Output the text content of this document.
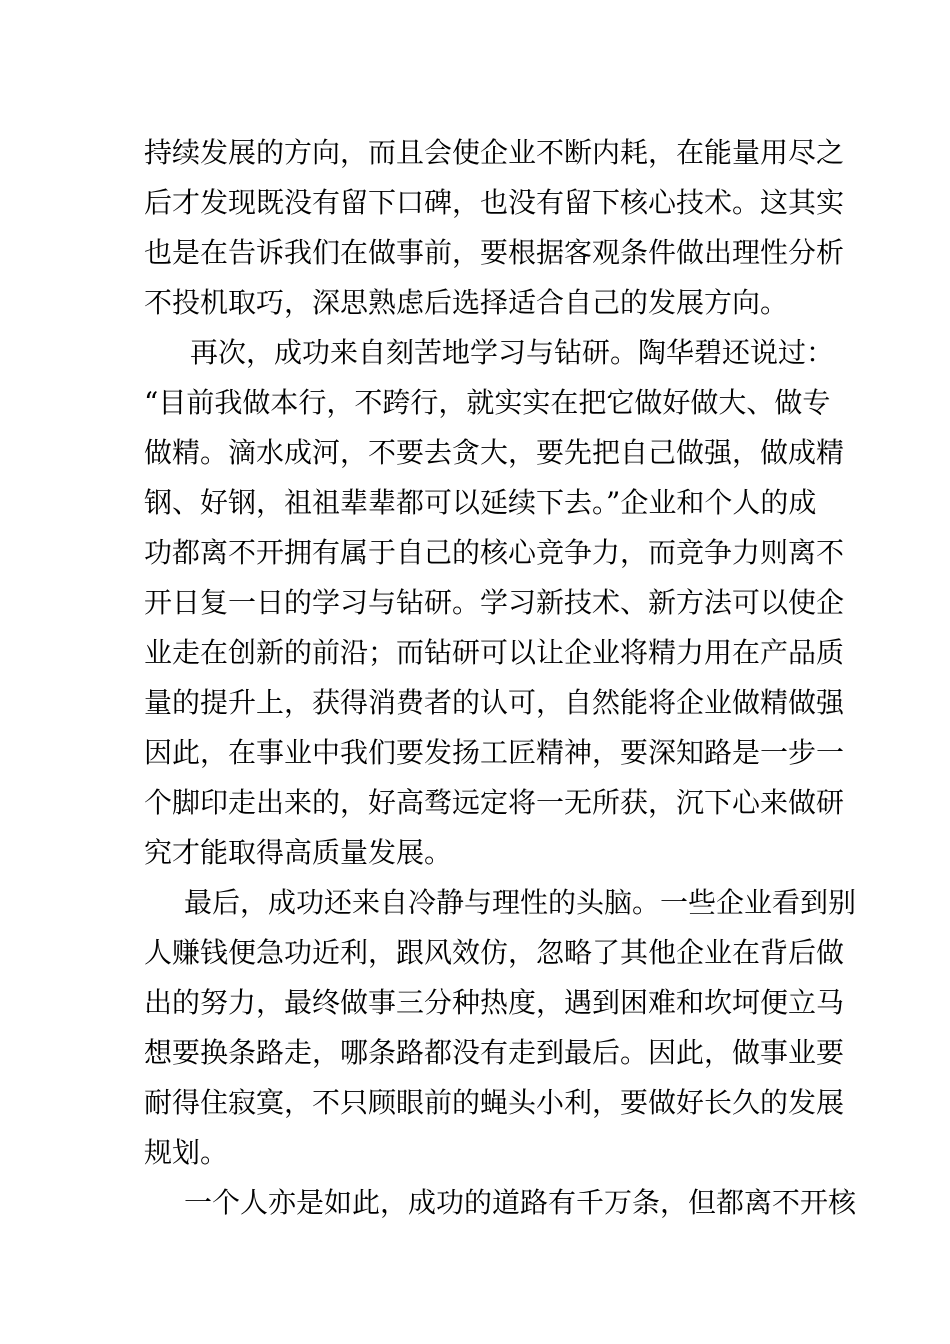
持续发展的方向，而且会使企业不断内耗，在能量用尽之
后才发现既没有留下口碑，也没有留下核心技术。这其实
也是在告诉我们在做事前，要根据客观条件做出理性分析
不投机取巧，深思熟虑后选择适合自己的发展方向。
再次，成功来自刻苦地学习与钻研。陶华碧还说过：
“目前我做本行，不跨行，就实实在把它做好做大、做专
做精。滴水成河，不要去贪大，要先把自己做强，做成精
钢、好钢，祖祖辈辈都可以延续下去。”企业和个人的成
功都离不开拥有属于自己的核心竞争力，而竞争力则离不
开日复一日的学习与钻研。学习新技术、新方法可以使企
业走在创新的前沿；而钻研可以让企业将精力用在产品质
量的提升上，获得消费者的认可，自然能将企业做精做强
因此，在事业中我们要发扬工匠精神，要深知路是一步一
个脚印走出来的，好高骛远定将一无所获，沉下心来做研
究才能取得高质量发展。
最后，成功还来自冷静与理性的头脑。一些企业看到别
人赚钱便急功近利，跟风效仿，忽略了其他企业在背后做
出的努力，最终做事三分种热度，遇到困难和坎坷便立马
想要换条路走，哪条路都没有走到最后。因此，做事业要
耐得住寂寞，不只顾眼前的蝇头小利，要做好长久的发展
规划。
一个人亦是如此，成功的道路有千万条，但都离不开核
